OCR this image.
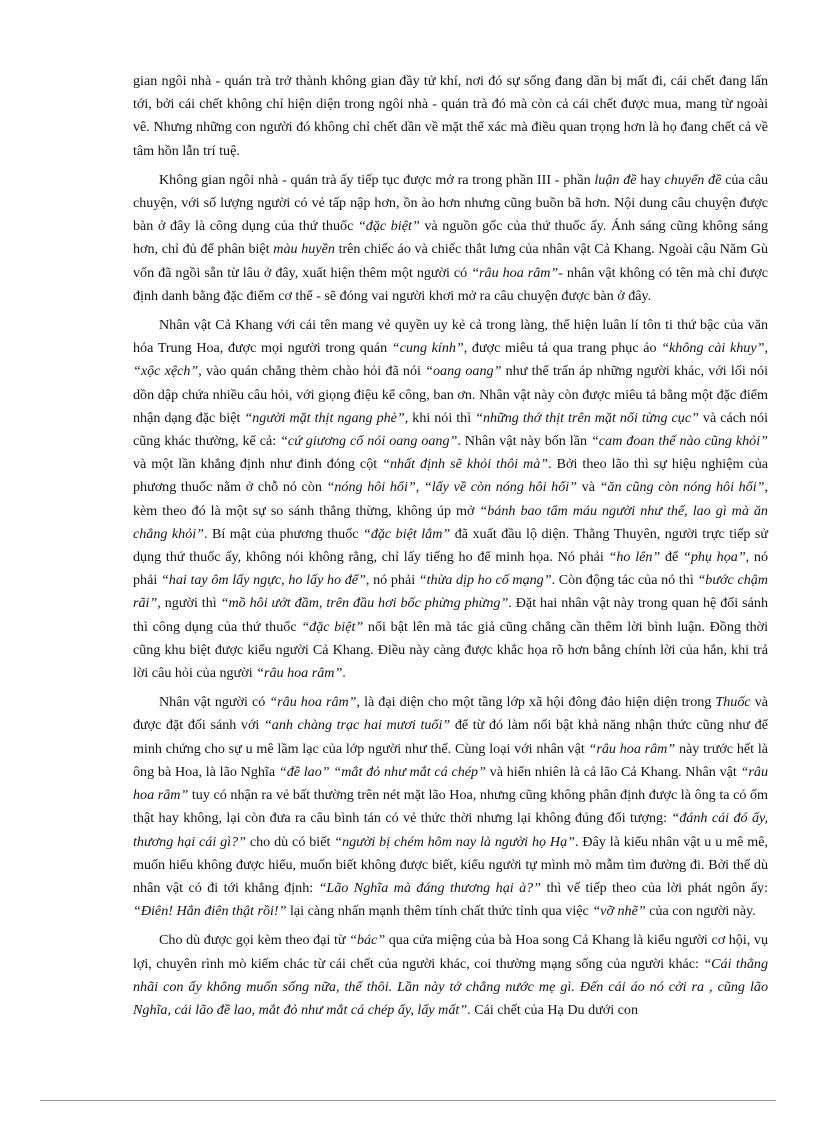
gian ngôi nhà - quán trà trở thành không gian đầy tử khí, nơi đó sự sống đang dần bị mất đi, cái chết đang lấn tới, bởi cái chết không chỉ hiện diện trong ngôi nhà - quán trà đó mà còn cả cái chết được mua, mang từ ngoài vê. Nhưng những con người đó không chỉ chết dần về mặt thể xác mà điều quan trọng hơn là họ đang chết cả về tâm hồn lẫn trí tuệ.

Không gian ngôi nhà - quán trà ấy tiếp tục được mở ra trong phần III - phần luận đề hay chuyển đề của câu chuyện, với số lượng người có vẻ tấp nập hơn, ồn ào hơn nhưng cũng buồn bã hơn. Nội dung câu chuyện được bàn ở đây là công dụng của thứ thuốc “đặc biệt” và nguồn gốc của thứ thuốc ấy. Ánh sáng cũng không sáng hơn, chỉ đủ để phân biệt màu huyền trên chiếc áo và chiếc thắt lưng của nhân vật Cả Khang. Ngoài cậu Năm Gù vốn đã ngồi sẵn từ lâu ở đây, xuất hiện thêm một người có “râu hoa râm”- nhân vật không có tên mà chỉ được định danh bằng đặc điểm cơ thể - sẽ đóng vai người khơi mở ra câu chuyện được bàn ở đây.

Nhân vật Cả Khang với cái tên mang vẻ quyền uy kẻ cả trong làng, thể hiện luân lí tôn ti thứ bậc của văn hóa Trung Hoa, được mọi người trong quán “cung kính”, được miêu tả qua trang phục áo “không cài khuy”, “xộc xệch”, vào quán chẳng thèm chào hỏi đã nói “oang oang” như thể trấn áp những người khác, với lối nói dồn dập chứa nhiều câu hỏi, với giọng điệu kể công, ban ơn. Nhân vật này còn được miêu tả bằng một đặc điểm nhận dạng đặc biệt “người mặt thịt ngang phè”, khi nói thì “những thớ thịt trên mặt nổi từng cục” và cách nói cũng khác thường, kể cả: “cứ giương cổ nói oang oang”. Nhân vật này bốn lần “cam đoan thế nào cũng khỏi” và một lần khẳng định như đinh đóng cột “nhất định sẽ khỏi thôi mà”. Bởi theo lão thì sự hiệu nghiệm của phương thuốc nằm ở chỗ nó còn “nóng hôi hổi”, “lấy về còn nóng hôi hổi” và “ăn cũng còn nóng hôi hổi”, kèm theo đó là một sự so sánh thẳng thừng, không úp mở “bánh bao tẩm máu người như thế, lao gì mà ăn chẳng khỏi”. Bí mật của phương thuốc “đặc biệt lắm” đã xuất đầu lộ diện. Thằng Thuyên, người trực tiếp sử dụng thứ thuốc ấy, không nói không rằng, chỉ lấy tiếng ho để minh họa. Nó phải “ho lên” để “phụ họa”, nó phải “hai tay ôm lấy ngực, ho lấy ho để”, nó phải “thừa dịp ho cố mạng”. Còn động tác của nó thì “bước chậm rãi”, người thì “mồ hôi ướt đầm, trên đầu hơi bốc phừng phừng”. Đặt hai nhân vật này trong quan hệ đối sánh thì công dụng của thứ thuốc “đặc biệt” nổi bật lên mà tác giả cũng chẳng cần thêm lời bình luận. Đồng thời cũng khu biệt được kiểu người Cả Khang. Điều này càng được khắc họa rõ hơn bằng chính lời của hắn, khi trả lời câu hỏi của người “râu hoa râm”.

Nhân vật người có “râu hoa râm”, là đại diện cho một tầng lớp xã hội đông đảo hiện diện trong Thuốc và được đặt đối sánh với “anh chàng trạc hai mươi tuổi” để từ đó làm nổi bật khả năng nhận thức cũng như để minh chứng cho sự u mê lầm lạc của lớp người như thế. Cùng loại với nhân vật “râu hoa râm” này trước hết là ông bà Hoa, là lão Nghĩa “đề lao” “mắt đỏ như mắt cá chép” và hiển nhiên là cả lão Cả Khang. Nhân vật “râu hoa râm” tuy có nhận ra vẻ bất thường trên nét mặt lão Hoa, nhưng cũng không phân định được là ông ta có ốm thật hay không, lại còn đưa ra câu bình tán có vẻ thức thời nhưng lại không đúng đối tượng: “đánh cái đó ấy, thương hại cái gì?” cho dù có biết “người bị chém hôm nay là người họ Hạ”. Đây là kiểu nhân vật u u mê mê, muốn hiểu không được hiểu, muốn biết không được biết, kiểu người tự mình mò mẫm tìm đường đi. Bởi thế dù nhân vật có đi tới khẳng định: “Lão Nghĩa mà đáng thương hại à?” thì vế tiếp theo của lời phát ngôn ấy: “Điên! Hắn điên thật rồi!” lại càng nhấn mạnh thêm tính chất thức tỉnh qua việc “vỡ nhẽ” của con người này.

Cho dù được gọi kèm theo đại từ “bác” qua cửa miệng của bà Hoa song Cả Khang là kiểu người cơ hội, vụ lợi, chuyên rình mò kiếm chác từ cái chết của người khác, coi thường mạng sống của người khác: “Cái thằng nhãi con ấy không muốn sống nữa, thế thôi. Lần này tớ chẳng nước mẹ gì. Đến cái áo nó cởi ra , cũng lão Nghĩa, cái lão đề lao, mắt đỏ như mắt cá chép ấy, lấy mất”. Cái chết của Hạ Du dưới con
